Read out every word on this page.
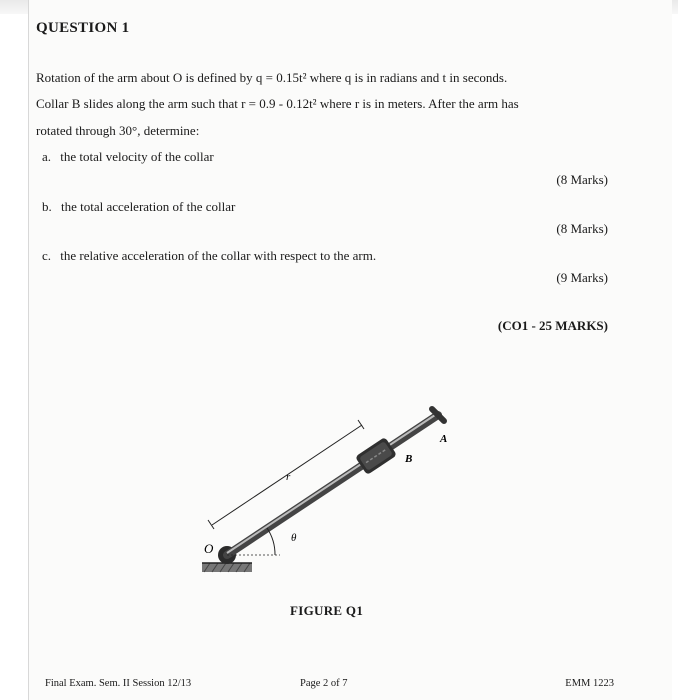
QUESTION 1
Rotation of the arm about O is defined by q = 0.15t² where q is in radians and t in seconds.
Collar B slides along the arm such that r = 0.9 - 0.12t² where r is in meters. After the arm has
rotated through 30°, determine:
a. the total velocity of the collar
(8 Marks)
b. the total acceleration of the collar
(8 Marks)
c. the relative acceleration of the collar with respect to the arm.
(9 Marks)
(CO1 - 25 MARKS)
O
B
A
r
θ
FIGURE Q1
Final Exam. Sem. II Session 12/13	Page 2 of 7	EMM 1223
